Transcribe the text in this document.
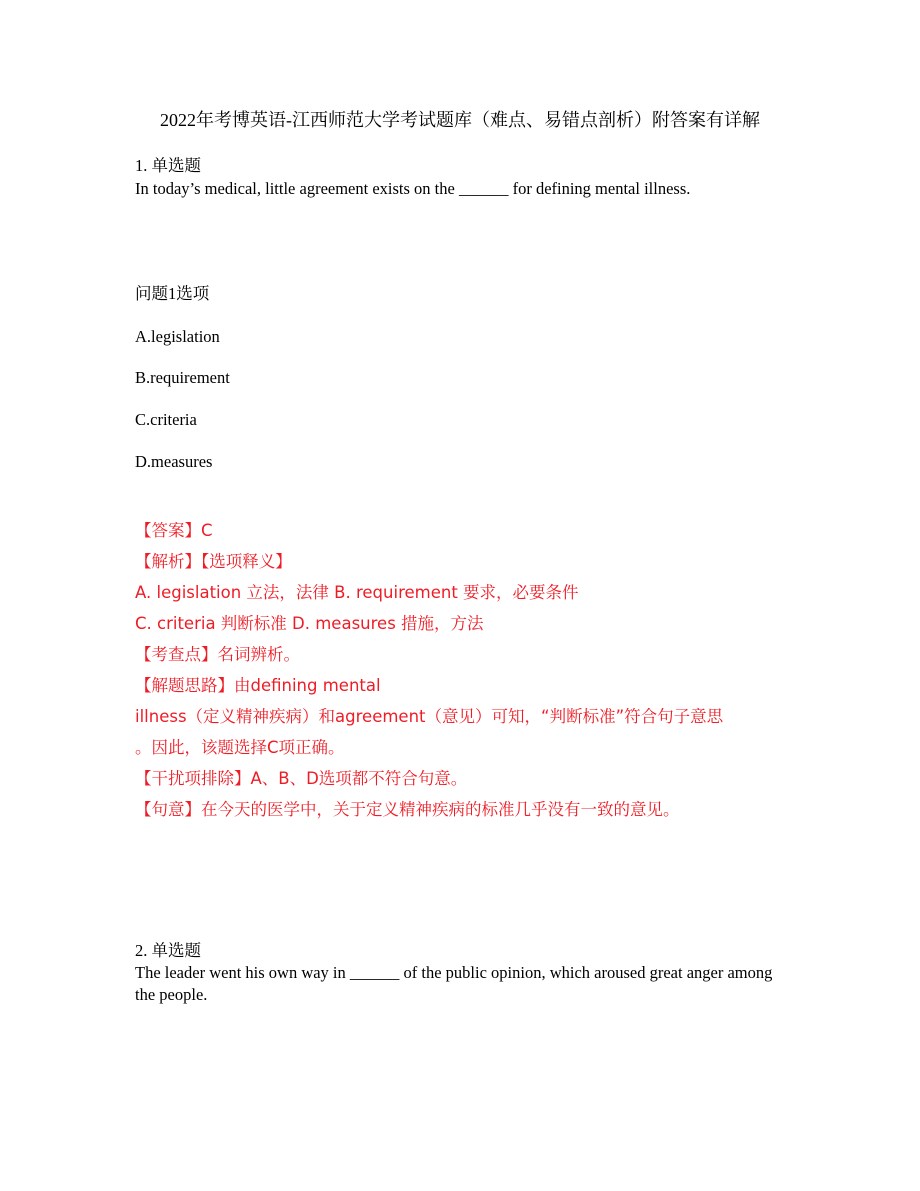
2022年考博英语-江西师范大学考试题库（难点、易错点剖析）附答案有详解
1. 单选题
In today’s medical, little agreement exists on the ______ for defining mental illness.
问题1选项
A.legislation
B.requirement
C.criteria
D.measures
【答案】C
【解析】【选项释义】
A. legislation 立法，法律 B. requirement 要求，必要条件
C. criteria 判断标准 D. measures 措施，方法
【考查点】名词辨析。
【解题思路】由defining mental
illness（定义精神疾病）和agreement（意见）可知，“判断标准”符合句子意思
。因此，该题选择C项正确。
【干扰项排除】A、B、D选项都不符合句意。
【句意】在今天的医学中，关于定义精神疾病的标准几乎没有一致的意见。
2. 单选题
The leader went his own way in ______ of the public opinion, which aroused great anger among the people.
